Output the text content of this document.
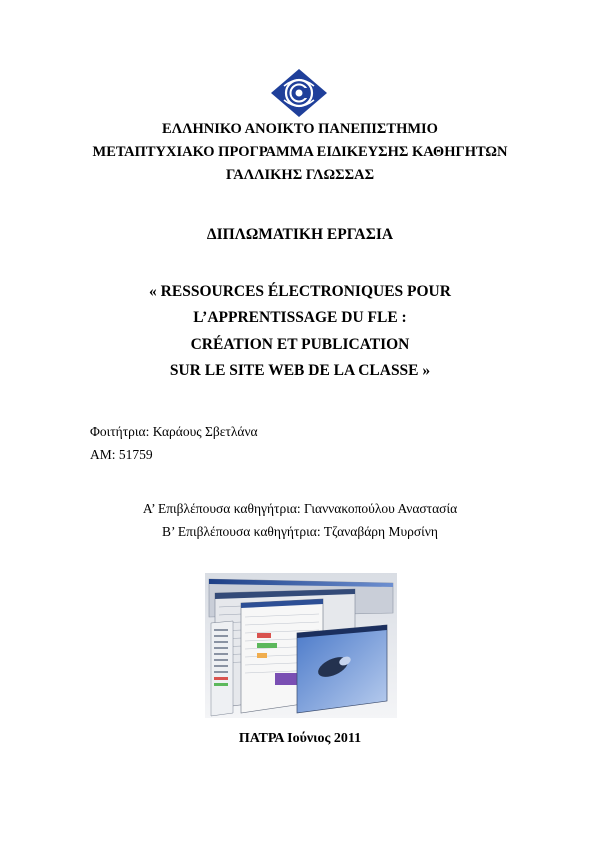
ΕΛΛΗΝΙΚΟ ΑΝΟΙΚΤΟ ΠΑΝΕΠΙΣΤΗΜΙΟ
ΜΕΤΑΠΤΥΧΙΑΚΟ ΠΡΟΓΡΑΜΜΑ ΕΙΔΙΚΕΥΣΗΣ ΚΑΘΗΓΗΤΩΝ
ΓΑΛΛΙΚΗΣ ΓΛΩΣΣΑΣ
ΔΙΠΛΩΜΑΤΙΚΗ ΕΡΓΑΣΙΑ
« RESSOURCES ÉLECTRONIQUES POUR
L’APPRENTISSAGE DU FLE :
CRÉATION ET PUBLICATION
SUR LE SITE WEB DE LA CLASSE »
Φοιτήτρια: Καράους Σβετλάνα
ΑΜ: 51759
Α’ Επιβλέπουσα καθηγήτρια: Γιαννακοπούλου Αναστασία
Β’ Επιβλέπουσα καθηγήτρια: Τζαναβάρη Μυρσίνη
ΠΑΤΡΑ Ιούνιος 2011
